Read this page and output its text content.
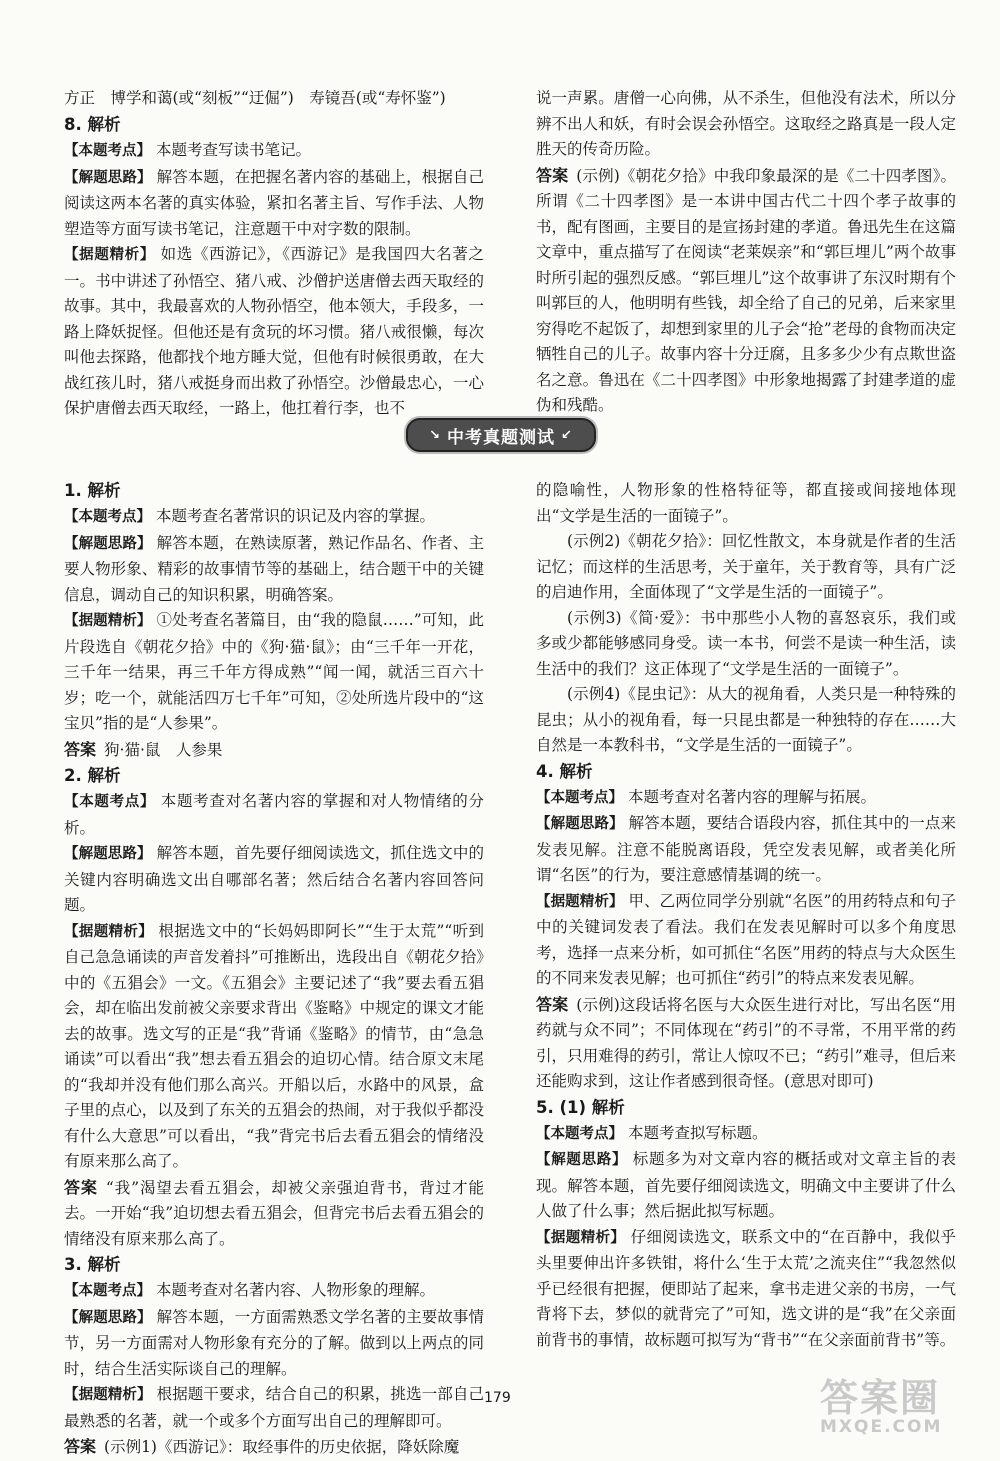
方正　博学和蔼(或“刻板”“迂倔”)　寿镜吾(或“寿怀鉴”)

8. 解析

【本题考点】 本题考查写读书笔记。

【解题思路】 解答本题，在把握名著内容的基础上，根据自己阅读这两本名著的真实体验，紧扣名著主旨、写作手法、人物塑造等方面写读书笔记，注意题干中对字数的限制。

【据题精析】 如选《西游记》，《西游记》是我国四大名著之一。书中讲述了孙悟空、猪八戒、沙僧护送唐僧去西天取经的故事。其中，我最喜欢的人物孙悟空，他本领大，手段多，一路上降妖捉怪。但他还是有贪玩的坏习惯。猪八戒很懒，每次叫他去探路，他都找个地方睡大觉，但他有时候很勇敢，在大战红孩儿时，猪八戒挺身而出救了孙悟空。沙僧最忠心，一心保护唐僧去西天取经，一路上，他扛着行李，也不

说一声累。唐僧一心向佛，从不杀生，但他没有法术，所以分辨不出人和妖，有时会误会孙悟空。这取经之路真是一段人定胜天的传奇历险。

答案 (示例)《朝花夕拾》中我印象最深的是《二十四孝图》。所谓《二十四孝图》是一本讲中国古代二十四个孝子故事的书，配有图画，主要目的是宣扬封建的孝道。鲁迅先生在这篇文章中，重点描写了在阅读“老莱娱亲”和“郭巨埋儿”两个故事时所引起的强烈反感。“郭巨埋儿”这个故事讲了东汉时期有个叫郭巨的人，他明明有些钱，却全给了自己的兄弟，后来家里穷得吃不起饭了，却想到家里的儿子会“抢”老母的食物而决定牺牲自己的儿子。故事内容十分迂腐，且多多少少有点欺世盗名之意。鲁迅在《二十四孝图》中形象地揭露了封建孝道的虚伪和残酷。

↘ 中考真题测试 ↙

1. 解析

【本题考点】 本题考查名著常识的识记及内容的掌握。

【解题思路】 解答本题，在熟读原著，熟记作品名、作者、主要人物形象、精彩的故事情节等的基础上，结合题干中的关键信息，调动自己的知识积累，明确答案。

【据题精析】 ①处考查名著篇目，由“我的隐鼠……”可知，此片段选自《朝花夕拾》中的《狗·猫·鼠》；由“三千年一开花，三千年一结果，再三千年方得成熟”“闻一闻，就活三百六十岁；吃一个，就能活四万七千年”可知，②处所选片段中的“这宝贝”指的是“人参果”。

答案 狗·猫·鼠　人参果

2. 解析

【本题考点】 本题考查对名著内容的掌握和对人物情绪的分析。

【解题思路】 解答本题，首先要仔细阅读选文，抓住选文中的关键内容明确选文出自哪部名著；然后结合名著内容回答问题。

【据题精析】 根据选文中的“长妈妈即阿长”“生于太荒”“听到自己急急诵读的声音发着抖”可推断出，选段出自《朝花夕拾》中的《五猖会》一文。《五猖会》主要记述了“我”要去看五猖会，却在临出发前被父亲要求背出《鉴略》中规定的课文才能去的故事。选文写的正是“我”背诵《鉴略》的情节，由“急急诵读”可以看出“我”想去看五猖会的迫切心情。结合原文末尾的“我却并没有他们那么高兴。开船以后，水路中的风景，盒子里的点心，以及到了东关的五猖会的热闹，对于我似乎都没有什么大意思”可以看出，“我”背完书后去看五猖会的情绪没有原来那么高了。

答案 “我”渴望去看五猖会，却被父亲强迫背书，背过才能去。一开始“我”迫切想去看五猖会，但背完书后去看五猖会的情绪没有原来那么高了。

3. 解析

【本题考点】 本题考查对名著内容、人物形象的理解。

【解题思路】 解答本题，一方面需熟悉文学名著的主要故事情节，另一方面需对人物形象有充分的了解。做到以上两点的同时，结合生活实际谈自己的理解。

【据题精析】 根据题干要求，结合自己的积累，挑选一部自己最熟悉的名著，就一个或多个方面写出自己的理解即可。

答案 (示例1)《西游记》：取经事件的历史依据，降妖除魔

的隐喻性，人物形象的性格特征等，都直接或间接地体现出“文学是生活的一面镜子”。

(示例2)《朝花夕拾》：回忆性散文，本身就是作者的生活记忆；而这样的生活思考，关于童年，关于教育等，具有广泛的启迪作用，全面体现了“文学是生活的一面镜子”。

(示例3)《简·爱》：书中那些小人物的喜怒哀乐，我们或多或少都能够感同身受。读一本书，何尝不是读一种生活，读生活中的我们？这正体现了“文学是生活的一面镜子”。

(示例4)《昆虫记》：从大的视角看，人类只是一种特殊的昆虫；从小的视角看，每一只昆虫都是一种独特的存在……大自然是一本教科书，“文学是生活的一面镜子”。

4. 解析

【本题考点】 本题考查对名著内容的理解与拓展。

【解题思路】 解答本题，要结合语段内容，抓住其中的一点来发表见解。注意不能脱离语段，凭空发表见解，或者美化所谓“名医”的行为，要注意感情基调的统一。

【据题精析】 甲、乙两位同学分别就“名医”的用药特点和句子中的关键词发表了看法。我们在发表见解时可以多个角度思考，选择一点来分析，如可抓住“名医”用药的特点与大众医生的不同来发表见解；也可抓住“药引”的特点来发表见解。

答案 (示例)这段话将名医与大众医生进行对比，写出名医“用药就与众不同”；不同体现在“药引”的不寻常，不用平常的药引，只用难得的药引，常让人惊叹不已；“药引”难寻，但后来还能购求到，这让作者感到很奇怪。(意思对即可)

5. (1) 解析

【本题考点】 本题考查拟写标题。

【解题思路】 标题多为对文章内容的概括或对文章主旨的表现。解答本题，首先要仔细阅读选文，明确文中主要讲了什么人做了什么事；然后据此拟写标题。

【据题精析】 仔细阅读选文，联系文中的“在百静中，我似乎头里要伸出许多铁钳，将什么‘生于太荒’之流夹住”“我忽然似乎已经很有把握，便即站了起来，拿书走进父亲的书房，一气背将下去，梦似的就背完了”可知，选文讲的是“我”在父亲面前背书的事情，故标题可拟写为“背书”“在父亲面前背书”等。

179	答案圈
MXQE.COM
